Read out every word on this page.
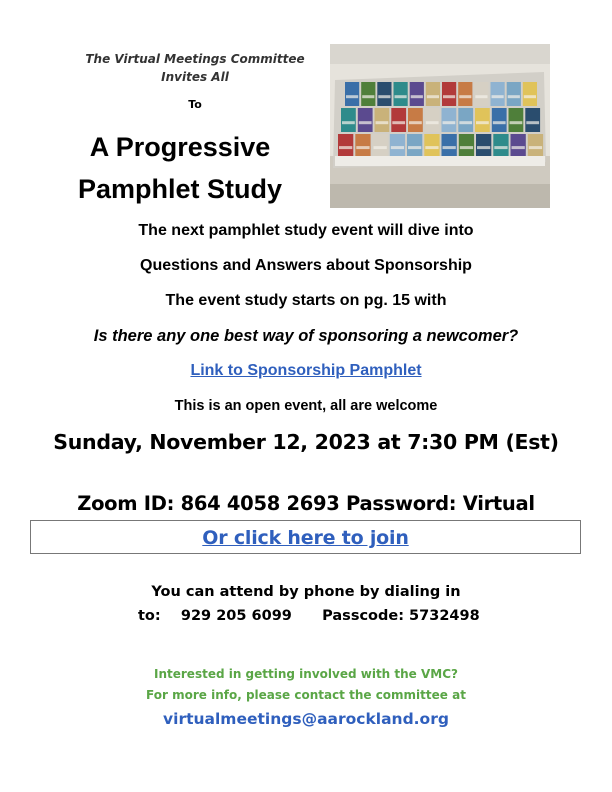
The Virtual Meetings Committee
Invites All
To
A Progressive
Pamphlet Study
The next pamphlet study event will dive into
Questions and Answers about Sponsorship
The event study starts on pg. 15 with
Is there any one best way of sponsoring a newcomer?
Link to Sponsorship Pamphlet
This is an open event, all are welcome
Sunday, November 12, 2023 at 7:30 PM (Est)
Zoom ID: 864 4058 2693 Password: Virtual
Or click here to join
You can attend by phone by dialing in
to:    929 205 6099      Passcode: 5732498
Interested in getting involved with the VMC?
For more info, please contact the committee at
virtualmeetings@aarockland.org
